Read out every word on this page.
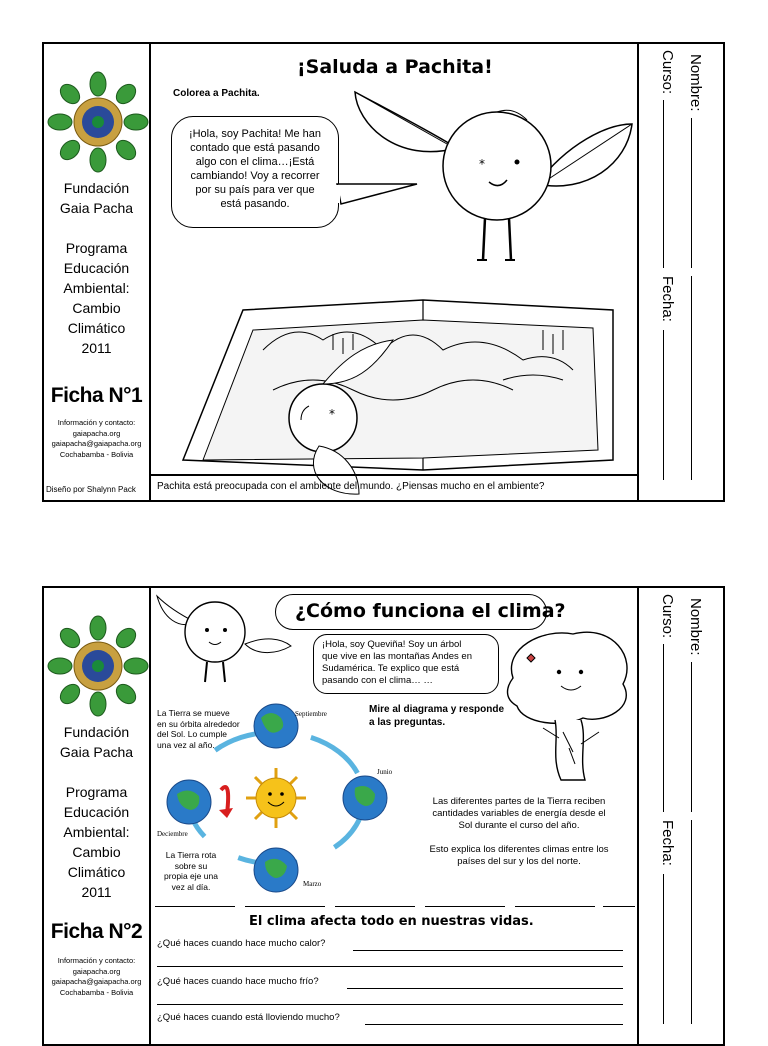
Fundación
Gaia Pacha
Programa
Educación
Ambiental:
Cambio
Climático
2011
Ficha N°1
Información y contacto:
gaiapacha.org
gaiapacha@gaiapacha.org
Cochabamba - Bolivia
Diseño por Shalynn Pack
¡Saluda a Pachita!
Colorea a Pachita.
¡Hola, soy Pachita! Me han
contado que está pasando
algo con el clima…¡Está
cambiando! Voy a recorrer
por su país para ver que
está pasando.
*
*
Pachita está preocupada con el ambiente del mundo. ¿Piensas mucho en el ambiente?
Nombre:
Curso:
Fecha:
Fundación
Gaia Pacha
Programa
Educación
Ambiental:
Cambio
Climático
2011
Ficha N°2
Información y contacto:
gaiapacha.org
gaiapacha@gaiapacha.org
Cochabamba - Bolivia
¿Cómo funciona el clima?
¡Hola, soy Queviña! Soy un árbol
que vive en las montañas Andes en
Sudamérica. Te explico que está
pasando con el clima… …
La Tierra se mueve
en su órbita alrededor
del Sol. Lo cumple
una vez al año.
La Tierra rota
sobre su
propia eje una
vez al día.
Septiembre
Junio
Deciembre
Marzo
Mire al diagrama y responde
a las preguntas.
Las diferentes partes de la Tierra reciben
cantidades variables de energía desde el
Sol durante el curso del año.
Esto explica los diferentes climas entre los
países del sur y los del norte.
El clima afecta todo en nuestras vidas.
¿Qué haces cuando hace mucho calor?
¿Qué haces cuando hace mucho frío?
¿Qué haces cuando está lloviendo mucho?
Nombre:
Curso:
Fecha:
